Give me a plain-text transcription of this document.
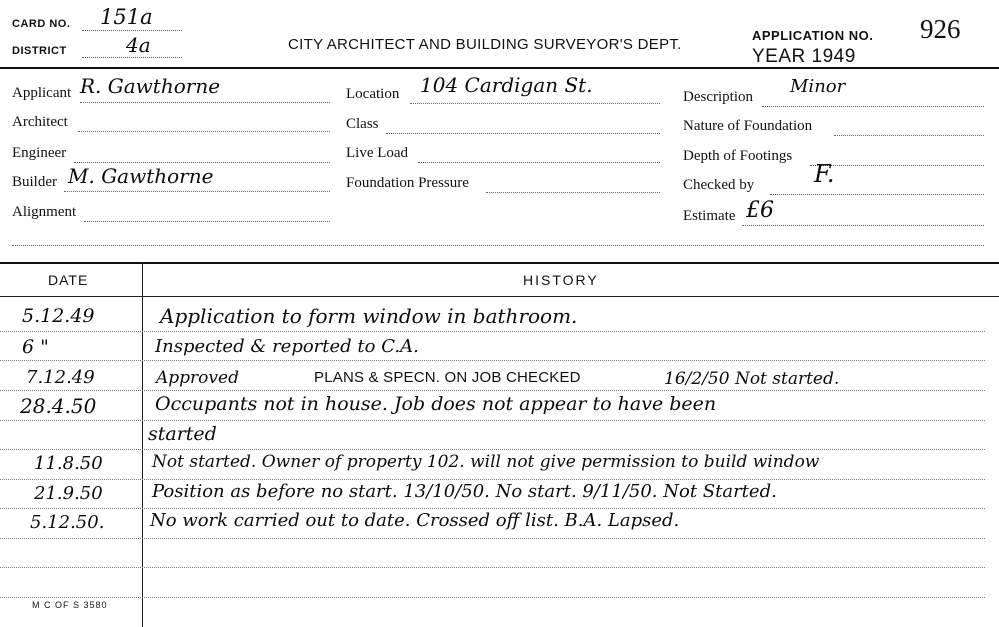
CARD NO. 151a
DISTRICT	4a	CITY ARCHITECT AND BUILDING SURVEYOR'S DEPT.
APPLICATION NO. 926
YEAR 1949
Applicant R. Gawthorne
Architect
Engineer
Builder M. Gawthorne
Alignment
Location 104 Cardigan St.
Class
Live Load
Foundation Pressure
Description Minor
Nature of Foundation
Depth of Footings
Checked by F.
Estimate £6
DATE	HISTORY
5.12.49	Application to form window in bathroom.
6 "	Inspected & reported to C.A.
7.12.49	Approved	PLANS & SPECN. ON JOB CHECKED	16/2/50 Not started.
28.4.50	Occupants not in house. Job does not appear to have been
started
11.8.50	Not started. Owner of property 102. will not give permission to build window
21.9.50	Position as before no start. 13/10/50. No start. 9/11/50. Not Started.
5.12.50.	No work carried out to date. Crossed off list. B.A. Lapsed.
M C OF S 3580
